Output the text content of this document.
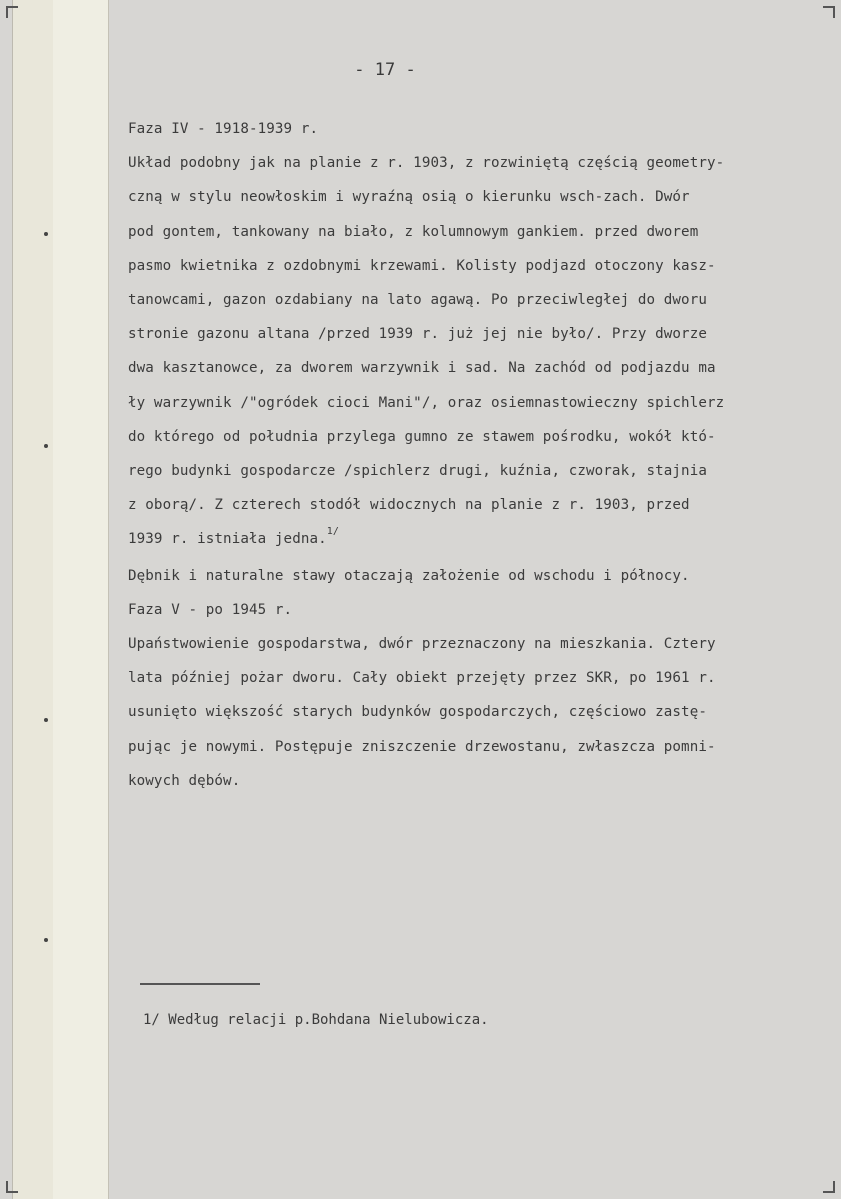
- 17 -
Faza IV - 1918-1939 r.
Układ podobny jak na planie z r. 1903, z rozwiniętą częścią geometry-
czną w stylu neowłoskim i wyraźną osią o kierunku wsch-zach. Dwór
pod gontem, tankowany na biało, z kolumnowym gankiem. przed dworem
pasmo kwietnika z ozdobnymi krzewami. Kolisty podjazd otoczony kasz-
tanowcami, gazon ozdabiany na lato agawą. Po przeciwległej do dworu
stronie gazonu altana /przed 1939 r. już jej nie było/. Przy dworze
dwa kasztanowce, za dworem warzywnik i sad. Na zachód od podjazdu ma
ły warzywnik /"ogródek cioci Mani"/, oraz osiemnastowieczny spichlerz
do którego od południa przylega gumno ze stawem pośrodku, wokół któ-
rego budynki gospodarcze /spichlerz drugi, kuźnia, czworak, stajnia
z oborą/. Z czterech stodół widocznych na planie z r. 1903, przed
1939 r. istniała jedna.$^{1/}$
Dębnik i naturalne stawy otaczają założenie od wschodu i północy.
Faza V - po 1945 r.
Upaństwowienie gospodarstwa, dwór przeznaczony na mieszkania. Cztery
lata później pożar dworu. Cały obiekt przejęty przez SKR, po 1961 r.
usunięto większość starych budynków gospodarczych, częściowo zastę-
pując je nowymi. Postępuje zniszczenie drzewostanu, zwłaszcza pomni-
kowych dębów.
1/ Według relacji p.Bohdana Nielubowicza.
